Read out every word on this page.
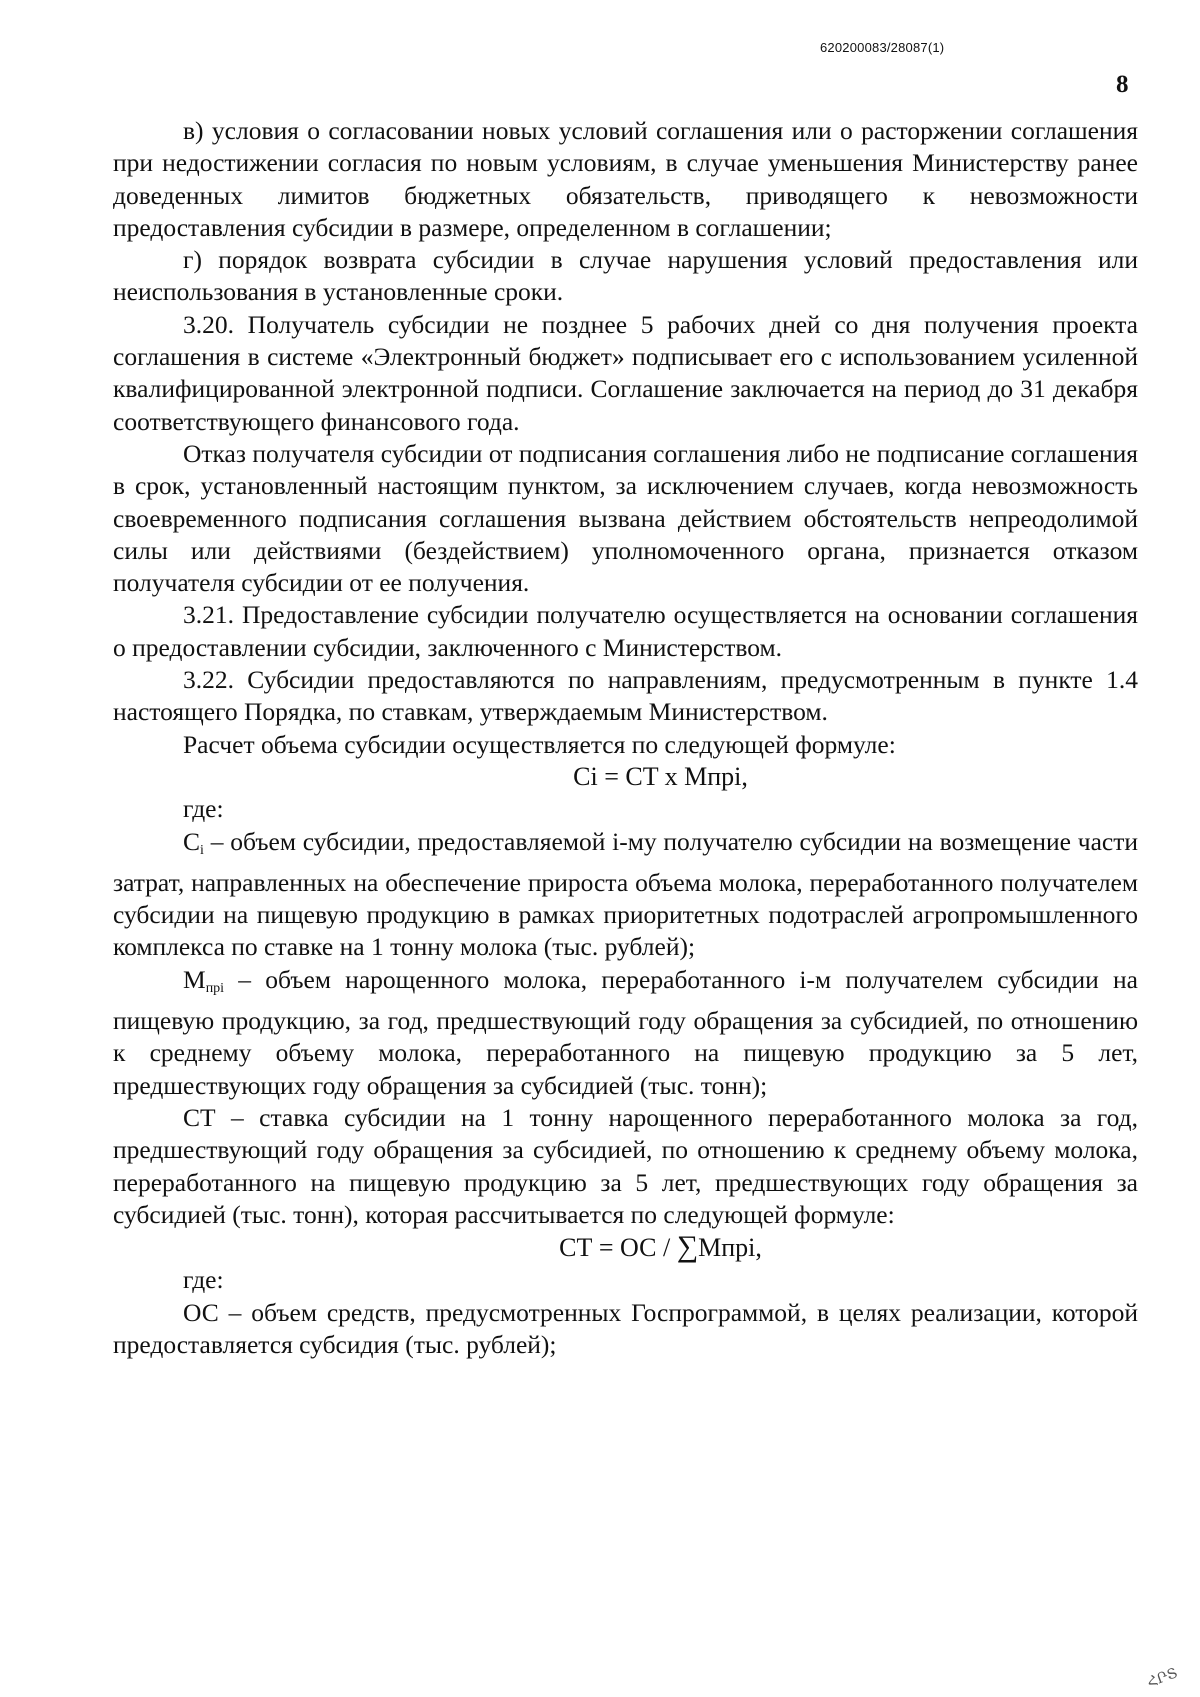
620200083/28087(1)
8

в) условия о согласовании новых условий соглашения или о расторжении соглашения при недостижении согласия по новым условиям, в случае уменьшения Министерству ранее доведенных лимитов бюджетных обязательств, приводящего к невозможности предоставления субсидии в размере, определенном в соглашении;

г) порядок возврата субсидии в случае нарушения условий предоставления или неиспользования в установленные сроки.

3.20. Получатель субсидии не позднее 5 рабочих дней со дня получения проекта соглашения в системе «Электронный бюджет» подписывает его с использованием усиленной квалифицированной электронной подписи. Соглашение заключается на период до 31 декабря соответствующего финансового года.

Отказ получателя субсидии от подписания соглашения либо не подписание соглашения в срок, установленный настоящим пунктом, за исключением случаев, когда невозможность своевременного подписания соглашения вызвана действием обстоятельств непреодолимой силы или действиями (бездействием) уполномоченного органа, признается отказом получателя субсидии от ее получения.

3.21. Предоставление субсидии получателю осуществляется на основании соглашения о предоставлении субсидии, заключенного с Министерством.

3.22. Субсидии предоставляются по направлениям, предусмотренным в пункте 1.4 настоящего Порядка, по ставкам, утверждаемым Министерством.

Расчет объема субсидии осуществляется по следующей формуле:

Ci = CT x Мпрi,

где:

$C_i$ – объем субсидии, предоставляемой i-му получателю субсидии на возмещение части затрат, направленных на обеспечение прироста объема молока, переработанного получателем субсидии на пищевую продукцию в рамках приоритетных подотраслей агропромышленного комплекса по ставке на 1 тонну молока (тыс. рублей);

$М_{прi}$ – объем нарощенного молока, переработанного i-м получателем субсидии на пищевую продукцию, за год, предшествующий году обращения за субсидией, по отношению к среднему объему молока, переработанного на пищевую продукцию за 5 лет, предшествующих году обращения за субсидией (тыс. тонн);

СТ – ставка субсидии на 1 тонну нарощенного переработанного молока за год, предшествующий году обращения за субсидией, по отношению к среднему объему молока, переработанного на пищевую продукцию за 5 лет, предшествующих году обращения за субсидией (тыс. тонн), которая рассчитывается по следующей формуле:

СТ = ОС / ∑Мпрi,

где:

ОС – объем средств, предусмотренных Госпрограммой, в целях реализации, которой предоставляется субсидия (тыс. рублей);

ՀՐՏ
